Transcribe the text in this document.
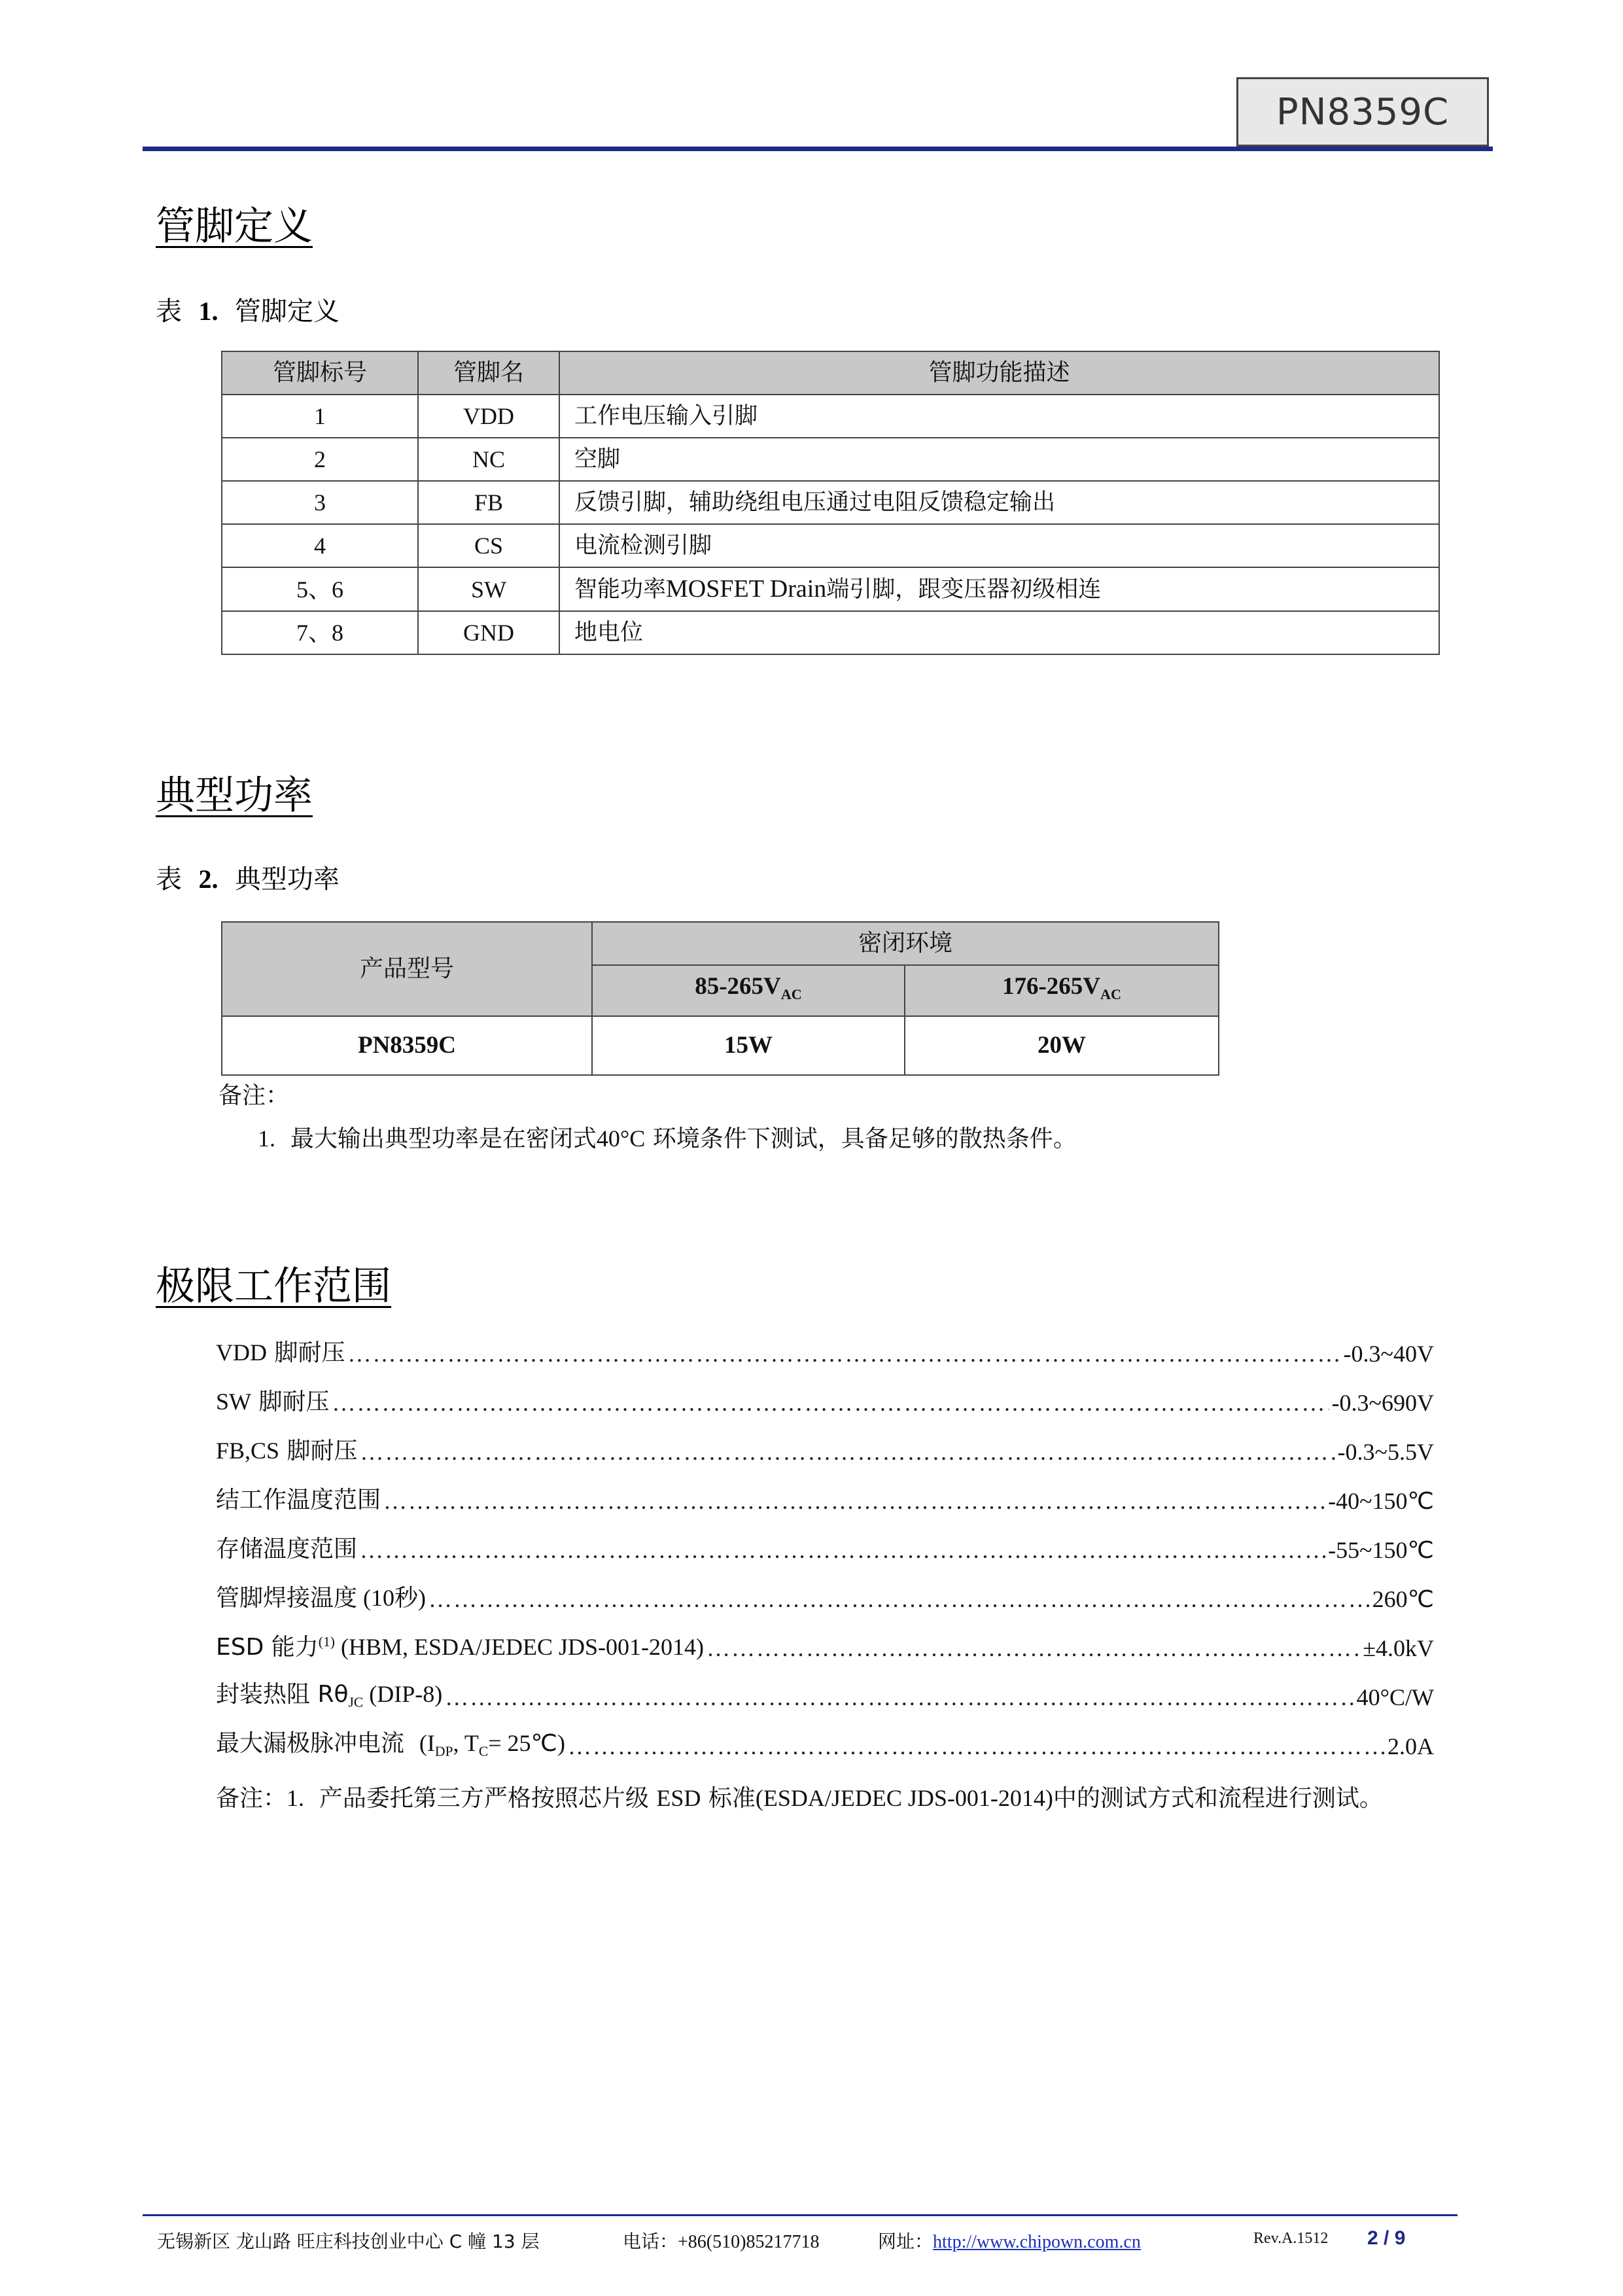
PN8359C
管脚定义
表 1. 管脚定义
管脚标号	管脚名	管脚功能描述
1	VDD	工作电压输入引脚
2	NC	空脚
3	FB	反馈引脚，辅助绕组电压通过电阻反馈稳定输出
4	CS	电流检测引脚
5、6	SW	智能功率MOSFET Drain端引脚，跟变压器初级相连
7、8	GND	地电位
典型功率
表 2. 典型功率
产品型号	密闭环境	
	$85-265V_{AC}$	$176-265V_{AC}$
PN8359C	15W	20W
备注：
1. 最大输出典型功率是在密闭式40°C 环境条件下测试，具备足够的散热条件。
极限工作范围
VDD 脚耐压 ………………………………………………………………………………………………………………………………………………………………………………………………………	-0.3~40V
SW 脚耐压 ………………………………………………………………………………………………………………………………………………………………………………………………………	-0.3~690V
FB,CS 脚耐压 ………………………………………………………………………………………………………………………………………………………………………………………………………	-0.3~5.5V
结工作温度范围 ………………………………………………………………………………………………………………………………………………………………………………………………………	-40~150℃
存储温度范围 ………………………………………………………………………………………………………………………………………………………………………………………………………	-55~150℃
管脚焊接温度 (10秒) ………………………………………………………………………………………………………………………………………………………………………………………………………	260℃
ESD 能力$^{(1)}$ (HBM, ESDA/JEDEC JDS-001-2014) ………………………………………………………………………………………………………………………………………………………………………………………………………	±4.0kV
封装热阻 $R\theta_{JC}$ (DIP-8) ………………………………………………………………………………………………………………………………………………………………………………………………………	40°C/W
最大漏极脉冲电流 ($I_{DP}$, $T_C=$ 25℃) ………………………………………………………………………………………………………………………………………………………………………………………………………	2.0A
备注：1. 产品委托第三方严格按照芯片级 ESD 标准(ESDA/JEDEC JDS-001-2014)中的测试方式和流程进行测试。
无锡新区 龙山路 旺庄科技创业中心 C 幢 13 层	电话：+86(510)85217718	网址：http://www.chipown.com.cn	Rev.A.1512 2 / 9
